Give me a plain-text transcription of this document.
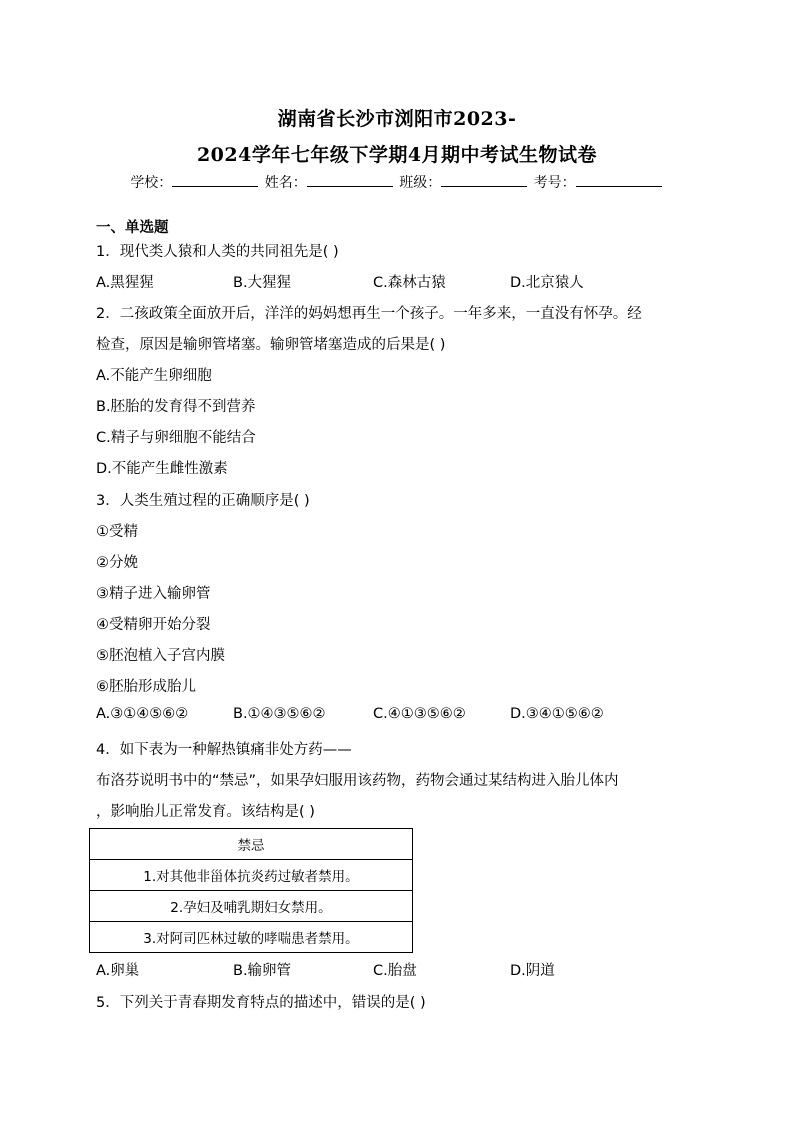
湖南省长沙市浏阳市2023-
2024学年七年级下学期4月期中考试生物试卷
学校：	姓名：	班级：	考号：
一、单选题
1．现代类人猿和人类的共同祖先是( )
A.黑猩猩	B.大猩猩	C.森林古猿	D.北京猿人
2．二孩政策全面放开后，洋洋的妈妈想再生一个孩子。一年多来，一直没有怀孕。经
检查，原因是输卵管堵塞。输卵管堵塞造成的后果是( )
A.不能产生卵细胞
B.胚胎的发育得不到营养
C.精子与卵细胞不能结合
D.不能产生雌性激素
3．人类生殖过程的正确顺序是( )
①受精
②分娩
③精子进入输卵管
④受精卵开始分裂
⑤胚泡植入子宫内膜
⑥胚胎形成胎儿
A.③①④⑤⑥②	B.①④③⑤⑥②	C.④①③⑤⑥②	D.③④①⑤⑥②
4．如下表为一种解热镇痛非处方药——
布洛芬说明书中的“禁忌”，如果孕妇服用该药物，药物会通过某结构进入胎儿体内
，影响胎儿正常发育。该结构是( )
禁忌
1.对其他非甾体抗炎药过敏者禁用。
2.孕妇及哺乳期妇女禁用。
3.对阿司匹林过敏的哮喘患者禁用。
A.卵巢	B.输卵管	C.胎盘	D.阴道
5．下列关于青春期发育特点的描述中，错误的是( )
